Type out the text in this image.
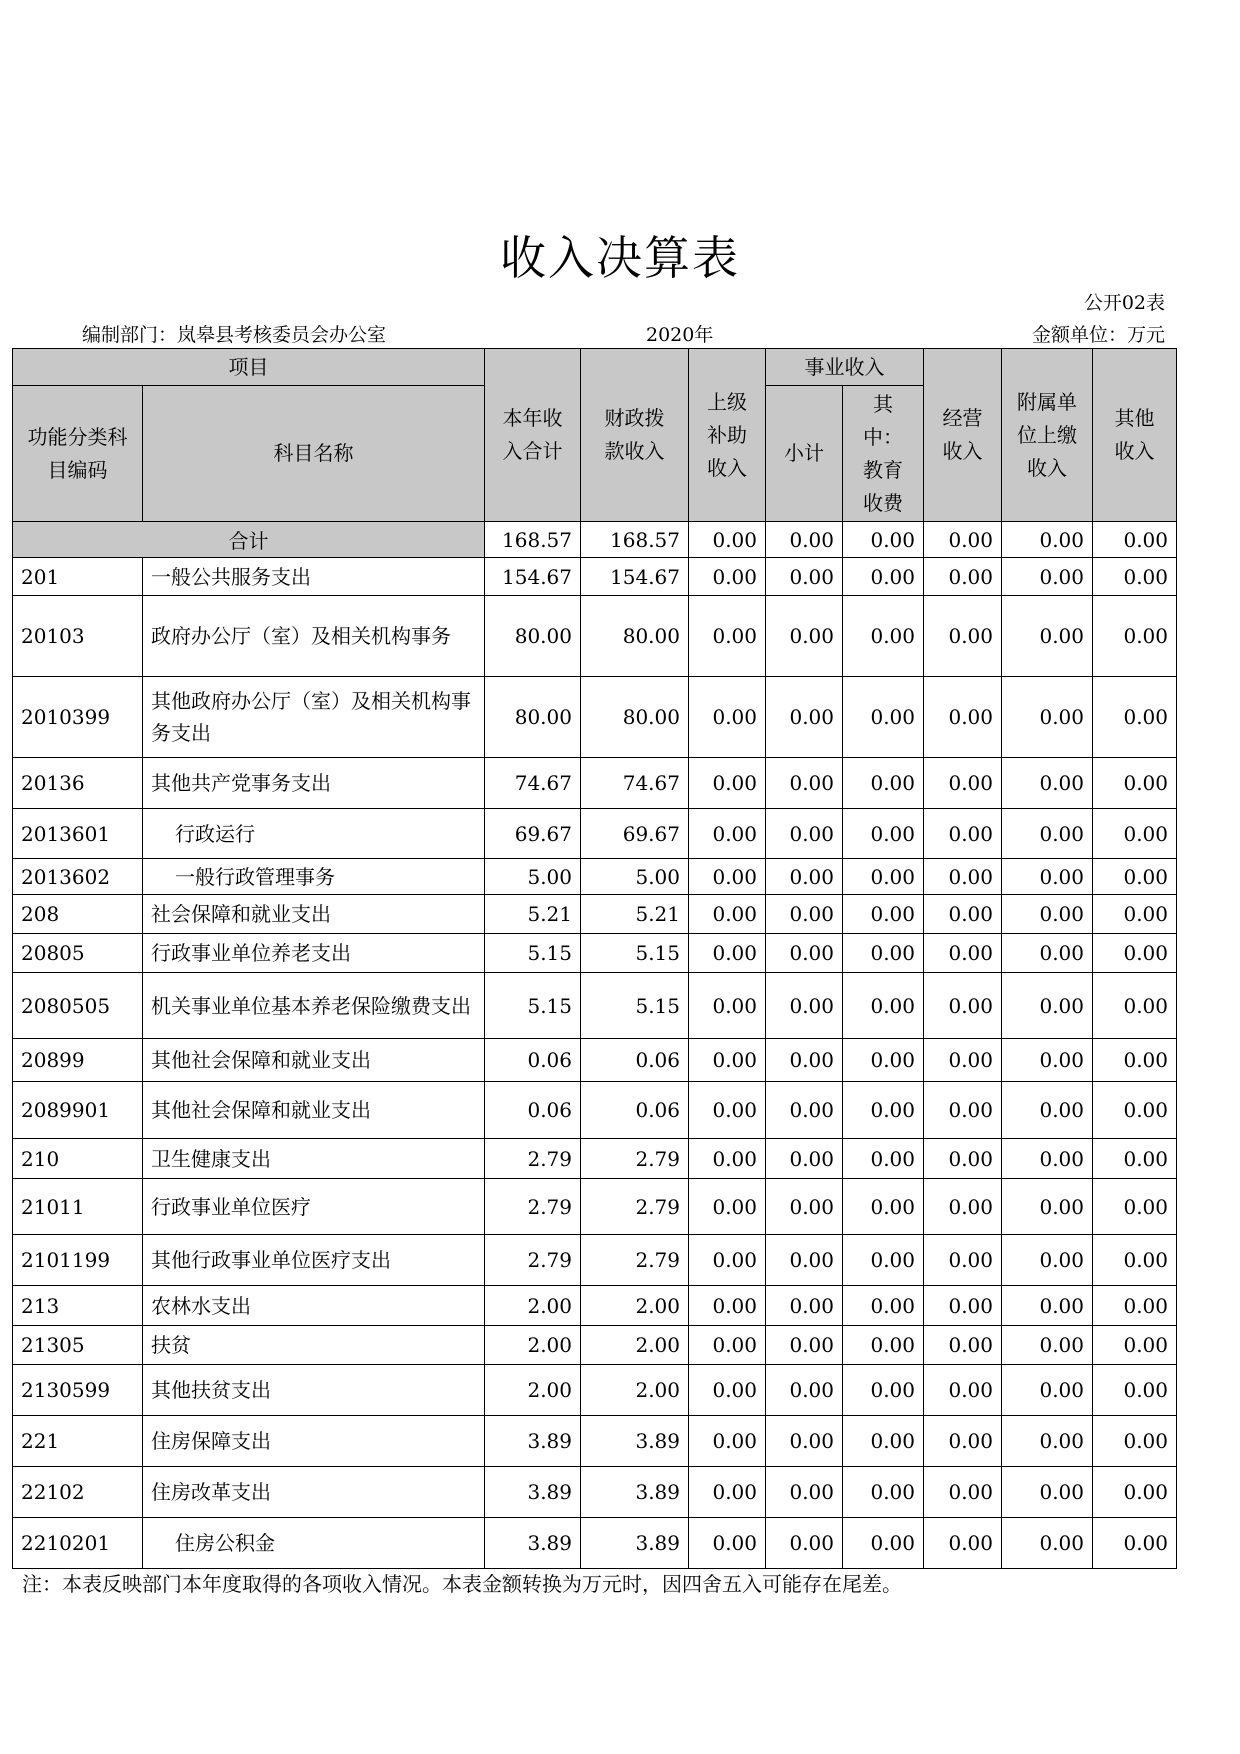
收入决算表
公开02表
编制部门：岚皋县考核委员会办公室	2020年	金额单位：万元
项目		本年收入合计	财政拨款收入	上级补助收入	事业收入		经营收入	附属单位上缴收入	其他收入

功能分类科目编码	科目名称				小计	其中：教育收费			

合计		168.57	168.57	0.00	0.00	0.00	0.00	0.00	0.00
201	一般公共服务支出	154.67	154.67	0.00	0.00	0.00	0.00	0.00	0.00
20103	政府办公厅（室）及相关机构事务	80.00	80.00	0.00	0.00	0.00	0.00	0.00	0.00
2010399	其他政府办公厅（室）及相关机构事务支出	80.00	80.00	0.00	0.00	0.00	0.00	0.00	0.00
20136	其他共产党事务支出	74.67	74.67	0.00	0.00	0.00	0.00	0.00	0.00
2013601	行政运行	69.67	69.67	0.00	0.00	0.00	0.00	0.00	0.00
2013602	一般行政管理事务	5.00	5.00	0.00	0.00	0.00	0.00	0.00	0.00
208	社会保障和就业支出	5.21	5.21	0.00	0.00	0.00	0.00	0.00	0.00
20805	行政事业单位养老支出	5.15	5.15	0.00	0.00	0.00	0.00	0.00	0.00
2080505	机关事业单位基本养老保险缴费支出	5.15	5.15	0.00	0.00	0.00	0.00	0.00	0.00
20899	其他社会保障和就业支出	0.06	0.06	0.00	0.00	0.00	0.00	0.00	0.00
2089901	其他社会保障和就业支出	0.06	0.06	0.00	0.00	0.00	0.00	0.00	0.00
210	卫生健康支出	2.79	2.79	0.00	0.00	0.00	0.00	0.00	0.00
21011	行政事业单位医疗	2.79	2.79	0.00	0.00	0.00	0.00	0.00	0.00
2101199	其他行政事业单位医疗支出	2.79	2.79	0.00	0.00	0.00	0.00	0.00	0.00
213	农林水支出	2.00	2.00	0.00	0.00	0.00	0.00	0.00	0.00
21305	扶贫	2.00	2.00	0.00	0.00	0.00	0.00	0.00	0.00
2130599	其他扶贫支出	2.00	2.00	0.00	0.00	0.00	0.00	0.00	0.00
221	住房保障支出	3.89	3.89	0.00	0.00	0.00	0.00	0.00	0.00
22102	住房改革支出	3.89	3.89	0.00	0.00	0.00	0.00	0.00	0.00
2210201	住房公积金	3.89	3.89	0.00	0.00	0.00	0.00	0.00	0.00
注：本表反映部门本年度取得的各项收入情况。本表金额转换为万元时，因四舍五入可能存在尾差。
